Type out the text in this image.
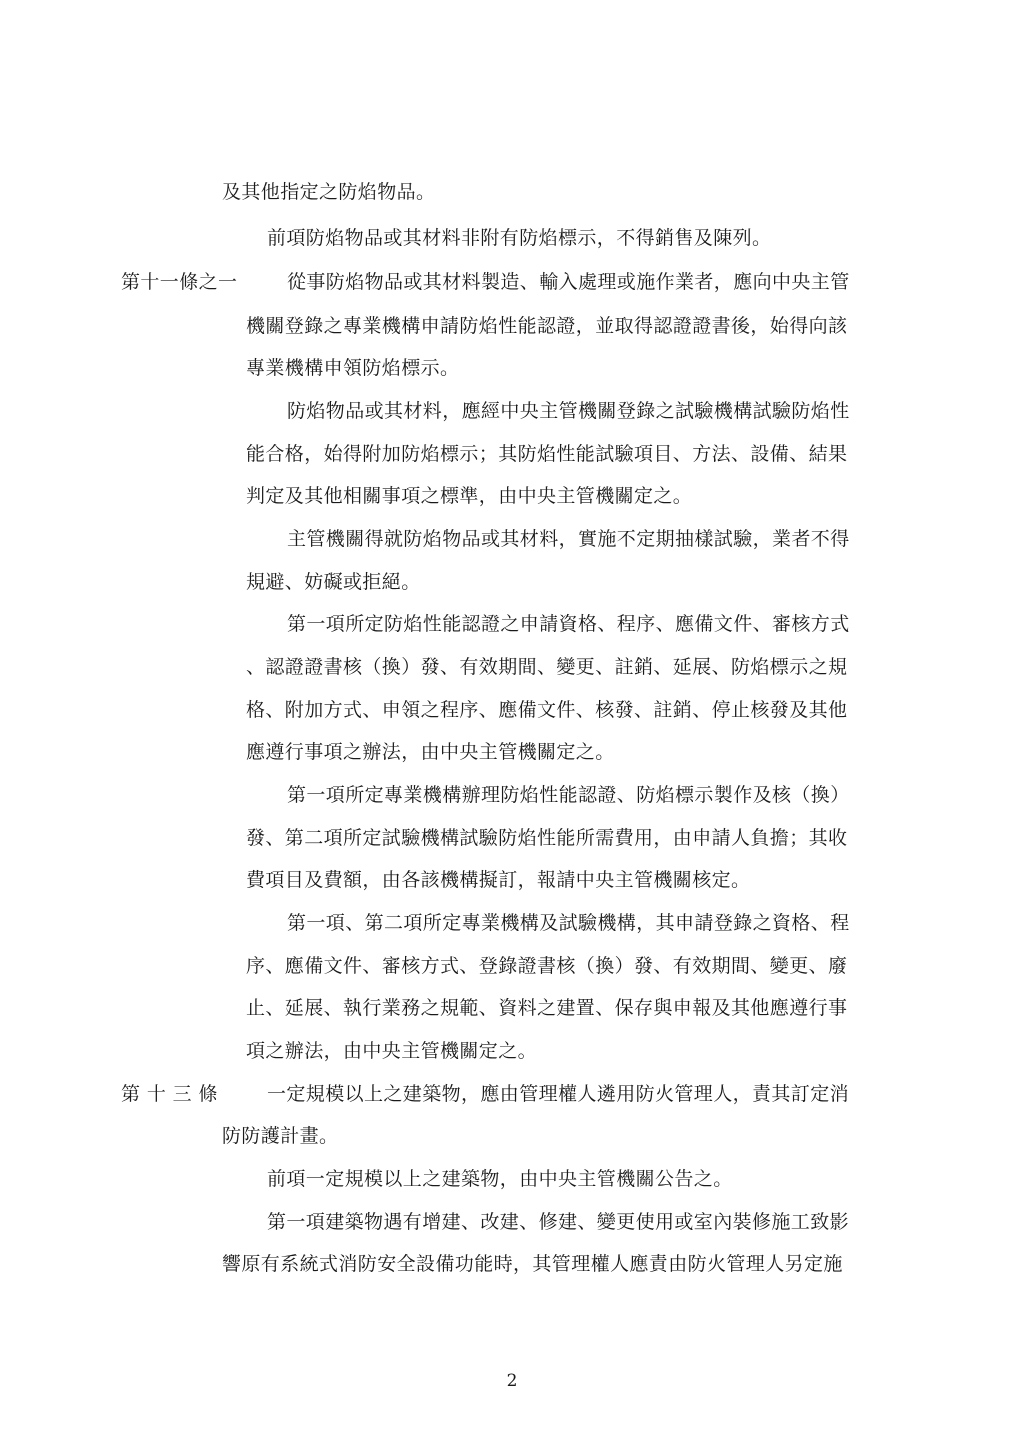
及其他指定之防焰物品。
前項防焰物品或其材料非附有防焰標示，不得銷售及陳列。
第十一條之一	從事防焰物品或其材料製造、輸入處理或施作業者，應向中央主管
機關登錄之專業機構申請防焰性能認證，並取得認證證書後，始得向該
專業機構申領防焰標示。
防焰物品或其材料，應經中央主管機關登錄之試驗機構試驗防焰性
能合格，始得附加防焰標示；其防焰性能試驗項目、方法、設備、結果
判定及其他相關事項之標準，由中央主管機關定之。
主管機關得就防焰物品或其材料，實施不定期抽樣試驗，業者不得
規避、妨礙或拒絕。
第一項所定防焰性能認證之申請資格、程序、應備文件、審核方式
、認證證書核（換）發、有效期間、變更、註銷、延展、防焰標示之規
格、附加方式、申領之程序、應備文件、核發、註銷、停止核發及其他
應遵行事項之辦法，由中央主管機關定之。
第一項所定專業機構辦理防焰性能認證、防焰標示製作及核（換）
發、第二項所定試驗機構試驗防焰性能所需費用，由申請人負擔；其收
費項目及費額，由各該機構擬訂，報請中央主管機關核定。
第一項、第二項所定專業機構及試驗機構，其申請登錄之資格、程
序、應備文件、審核方式、登錄證書核（換）發、有效期間、變更、廢
止、延展、執行業務之規範、資料之建置、保存與申報及其他應遵行事
項之辦法，由中央主管機關定之。
第 十 三 條	一定規模以上之建築物，應由管理權人遴用防火管理人，責其訂定消
防防護計畫。
前項一定規模以上之建築物，由中央主管機關公告之。
第一項建築物遇有增建、改建、修建、變更使用或室內裝修施工致影
響原有系統式消防安全設備功能時，其管理權人應責由防火管理人另定施
2
